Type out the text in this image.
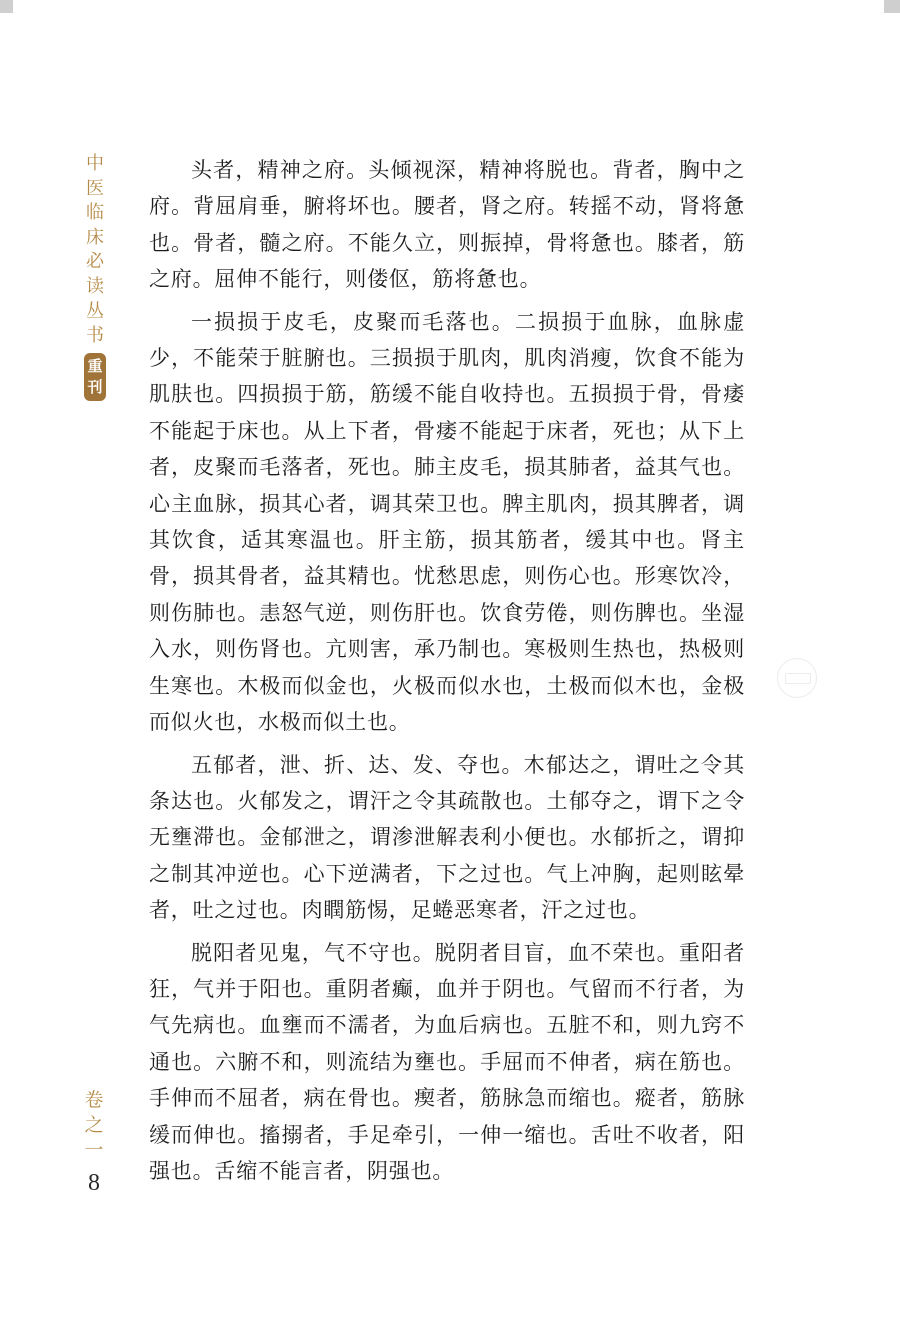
中医临床必读丛书
重刊
卷之一
8

头者，精神之府。头倾视深，精神将脱也。背者，胸中之府。背屈肩垂，腑将坏也。腰者，肾之府。转摇不动，肾将惫也。骨者，髓之府。不能久立，则振掉，骨将惫也。膝者，筋之府。屈伸不能行，则偻伛，筋将惫也。

一损损于皮毛，皮聚而毛落也。二损损于血脉，血脉虚少，不能荣于脏腑也。三损损于肌肉，肌肉消瘦，饮食不能为肌肤也。四损损于筋，筋缓不能自收持也。五损损于骨，骨痿不能起于床也。从上下者，骨痿不能起于床者，死也；从下上者，皮聚而毛落者，死也。肺主皮毛，损其肺者，益其气也。心主血脉，损其心者，调其荣卫也。脾主肌肉，损其脾者，调其饮食，适其寒温也。肝主筋，损其筋者，缓其中也。肾主骨，损其骨者，益其精也。忧愁思虑，则伤心也。形寒饮冷，则伤肺也。恚怒气逆，则伤肝也。饮食劳倦，则伤脾也。坐湿入水，则伤肾也。亢则害，承乃制也。寒极则生热也，热极则生寒也。木极而似金也，火极而似水也，土极而似木也，金极而似火也，水极而似土也。

五郁者，泄、折、达、发、夺也。木郁达之，谓吐之令其条达也。火郁发之，谓汗之令其疏散也。土郁夺之，谓下之令无壅滞也。金郁泄之，谓渗泄解表利小便也。水郁折之，谓抑之制其冲逆也。心下逆满者，下之过也。气上冲胸，起则眩晕者，吐之过也。肉瞤筋惕，足蜷恶寒者，汗之过也。

脱阳者见鬼，气不守也。脱阴者目盲，血不荣也。重阳者狂，气并于阳也。重阴者癫，血并于阴也。气留而不行者，为气先病也。血壅而不濡者，为血后病也。五脏不和，则九窍不通也。六腑不和，则流结为壅也。手屈而不伸者，病在筋也。手伸而不屈者，病在骨也。瘈者，筋脉急而缩也。瘲者，筋脉缓而伸也。搐搦者，手足牵引，一伸一缩也。舌吐不收者，阳强也。舌缩不能言者，阴强也。
